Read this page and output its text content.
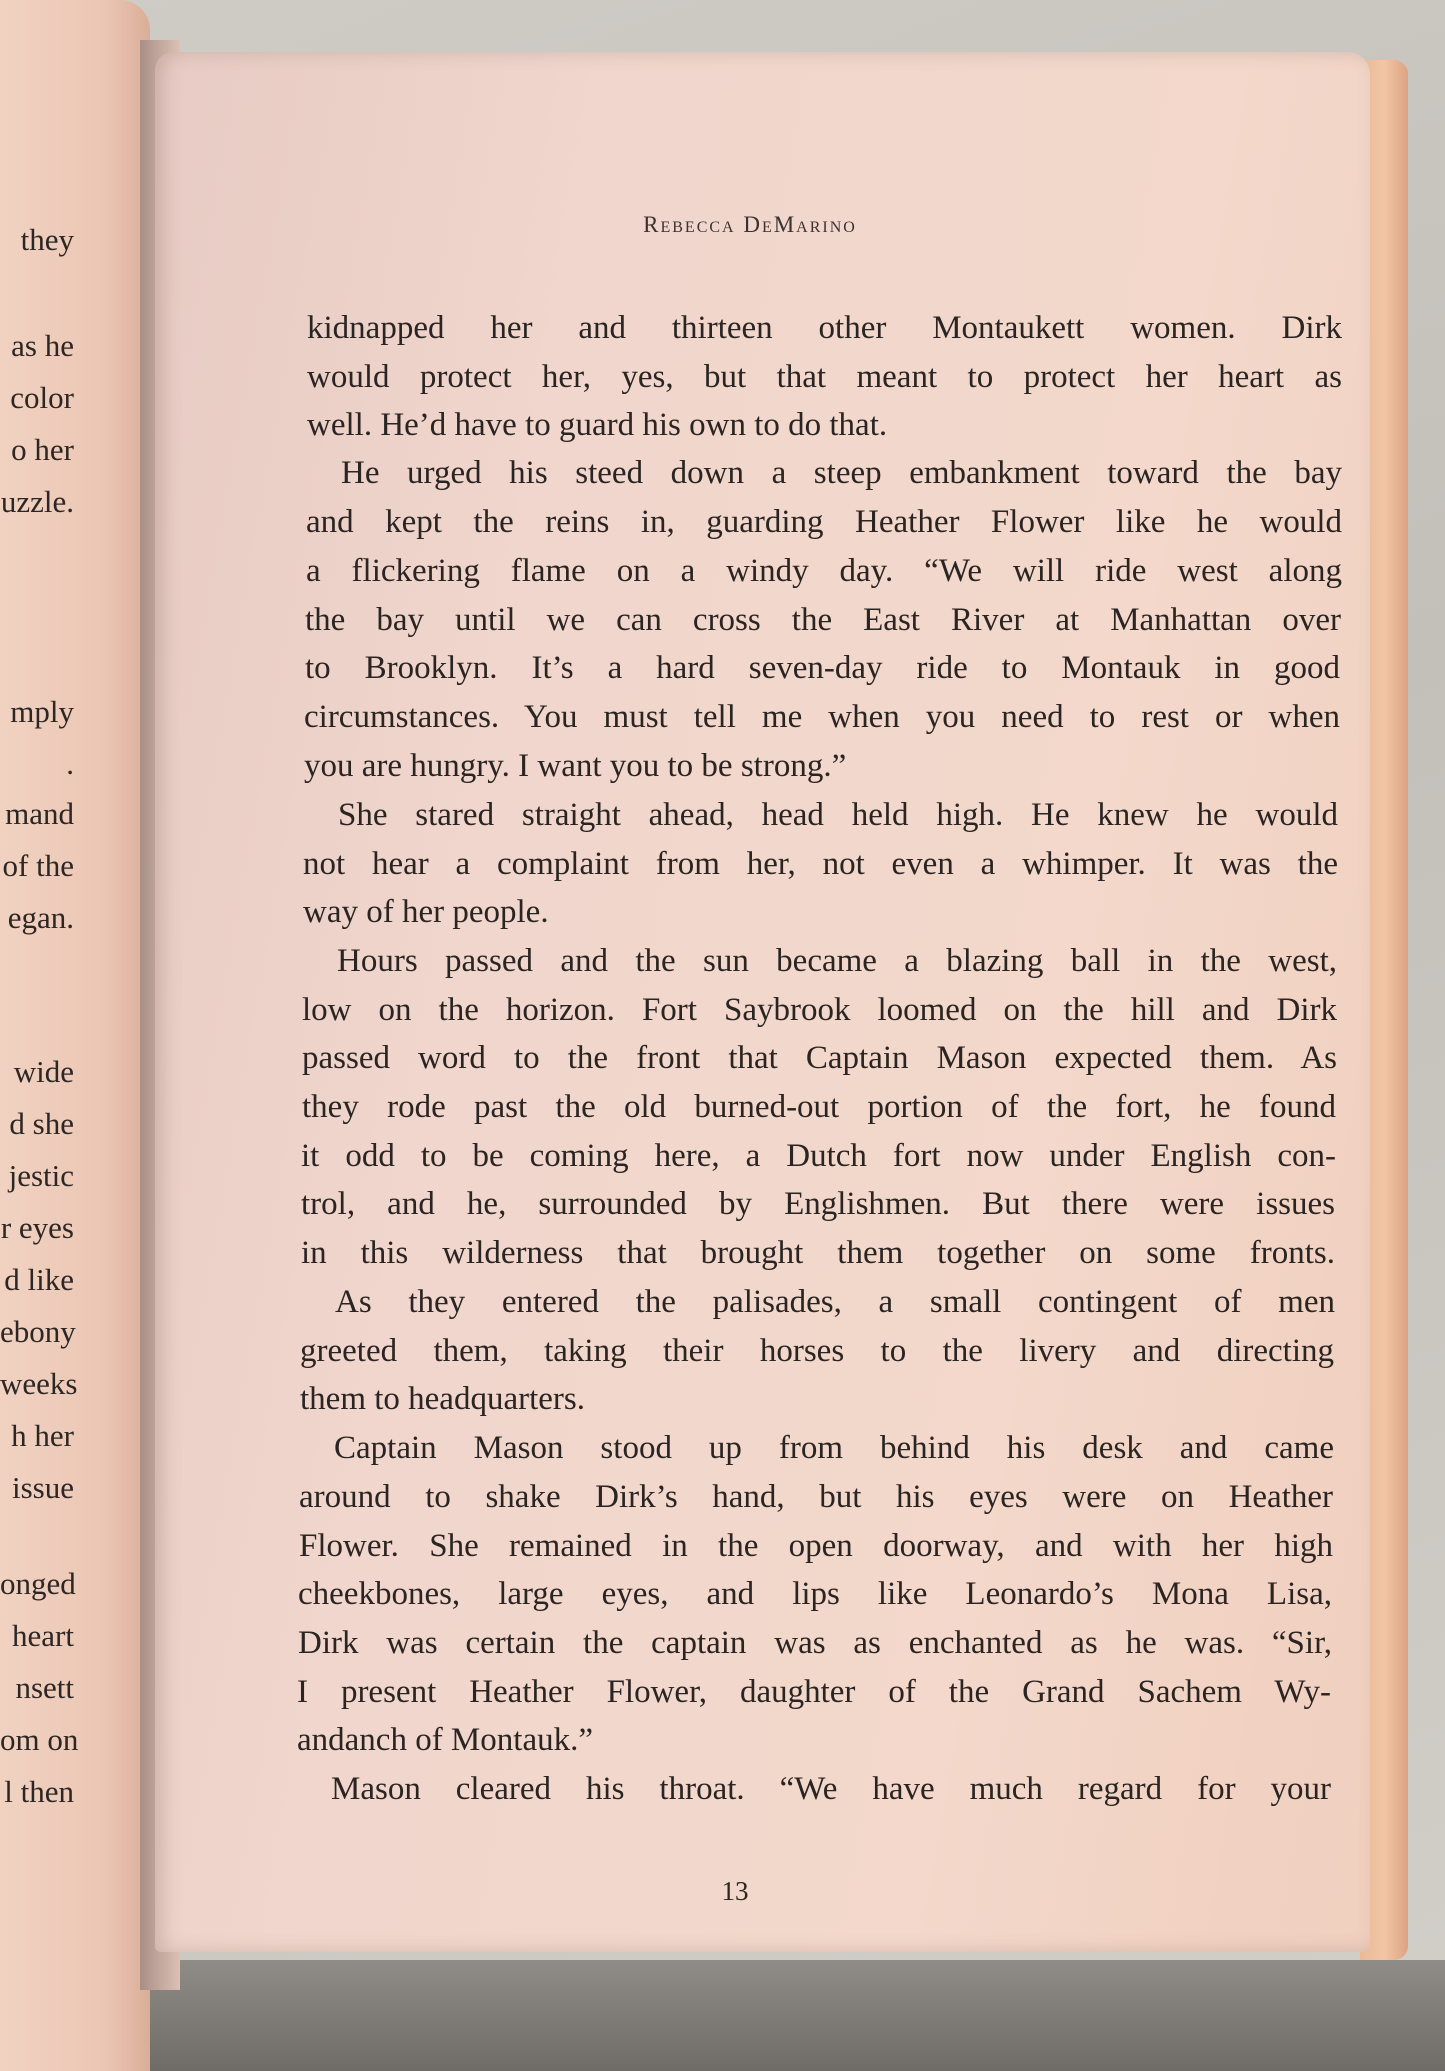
they
as he
color
o her
uzzle.
mply
.
mand
of the
egan.
wide
d she
jestic
r eyes
d like
ebony
weeks
h her
issue
onged
heart
nsett
om on
l then
Rebecca DeMarino
kidnapped her and thirteen other Montaukett women. Dirk
would protect her, yes, but that meant to protect her heart as
well. He’d have to guard his own to do that.
He urged his steed down a steep embankment toward the bay
and kept the reins in, guarding Heather Flower like he would
a flickering flame on a windy day. “We will ride west along
the bay until we can cross the East River at Manhattan over
to Brooklyn. It’s a hard seven-day ride to Montauk in good
circumstances. You must tell me when you need to rest or when
you are hungry. I want you to be strong.”
She stared straight ahead, head held high. He knew he would
not hear a complaint from her, not even a whimper. It was the
way of her people.
Hours passed and the sun became a blazing ball in the west,
low on the horizon. Fort Saybrook loomed on the hill and Dirk
passed word to the front that Captain Mason expected them. As
they rode past the old burned-out portion of the fort, he found
it odd to be coming here, a Dutch fort now under English con-
trol, and he, surrounded by Englishmen. But there were issues
in this wilderness that brought them together on some fronts.
As they entered the palisades, a small contingent of men
greeted them, taking their horses to the livery and directing
them to headquarters.
Captain Mason stood up from behind his desk and came
around to shake Dirk’s hand, but his eyes were on Heather
Flower. She remained in the open doorway, and with her high
cheekbones, large eyes, and lips like Leonardo’s Mona Lisa,
Dirk was certain the captain was as enchanted as he was. “Sir,
I present Heather Flower, daughter of the Grand Sachem Wy-
andanch of Montauk.”
Mason cleared his throat. “We have much regard for your
13
